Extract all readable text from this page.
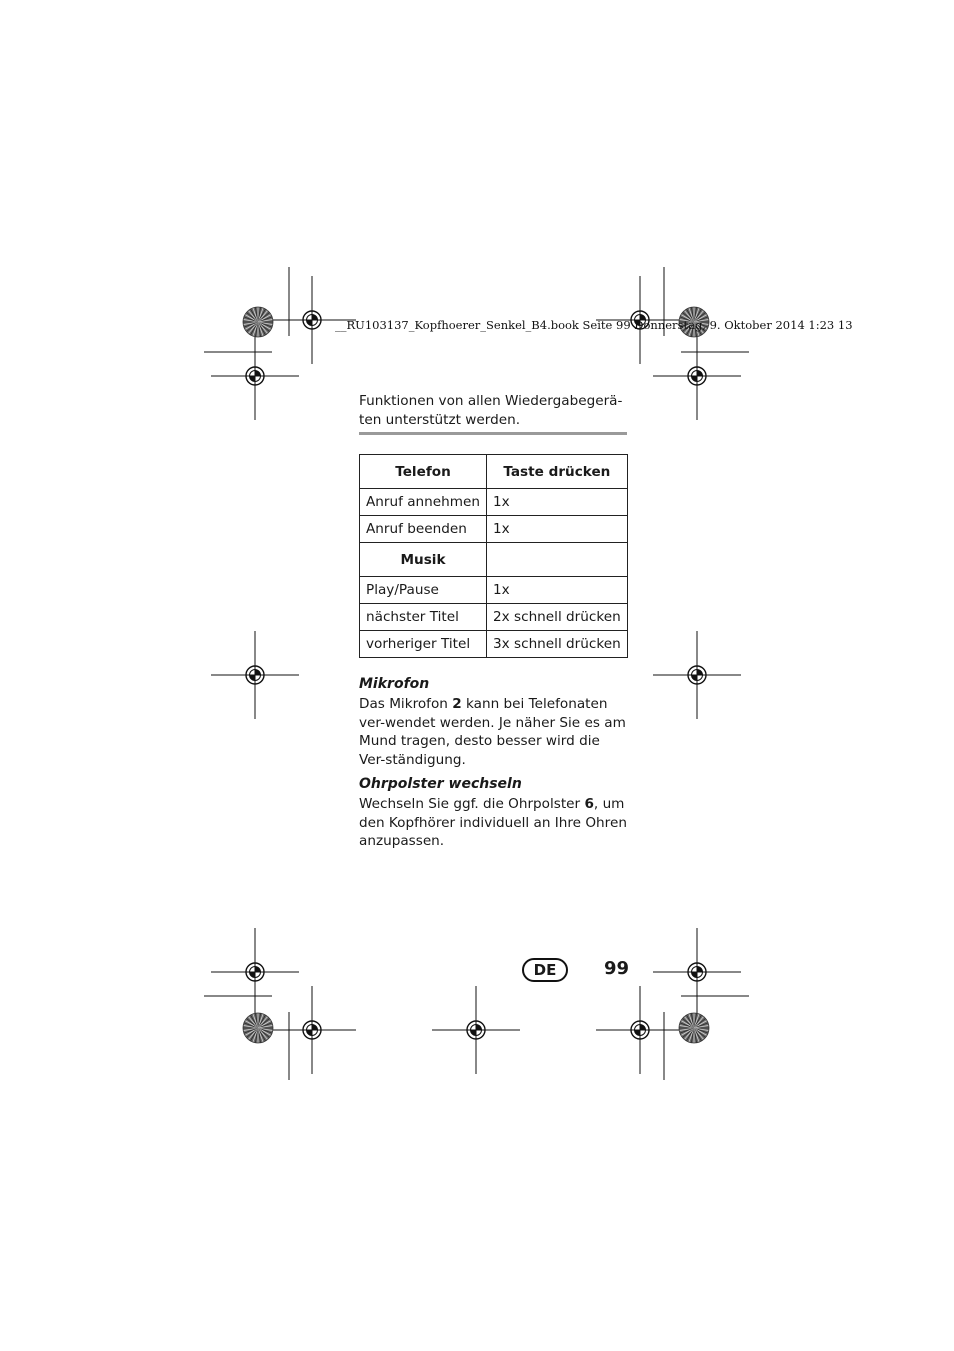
__RU103137_Kopfhoerer_Senkel_B4.book Seite 99 Donnerstag, 9. Oktober 2014 1:23 13
Funktionen von allen Wiedergabegerä-
ten unterstützt werden.
Telefon	Taste drücken
Anruf annehmen	1x
Anruf beenden	1x
Musik	
Play/Pause	1x
nächster Titel	2x schnell drücken
vorheriger Titel	3x schnell drücken
Mikrofon
Das Mikrofon 2 kann bei Telefonaten ver-wendet werden. Je näher Sie es am Mund tragen, desto besser wird die Ver-ständigung.
Ohrpolster wechseln
Wechseln Sie ggf. die Ohrpolster 6, um den Kopfhörer individuell an Ihre Ohren anzupassen.
DE	99
